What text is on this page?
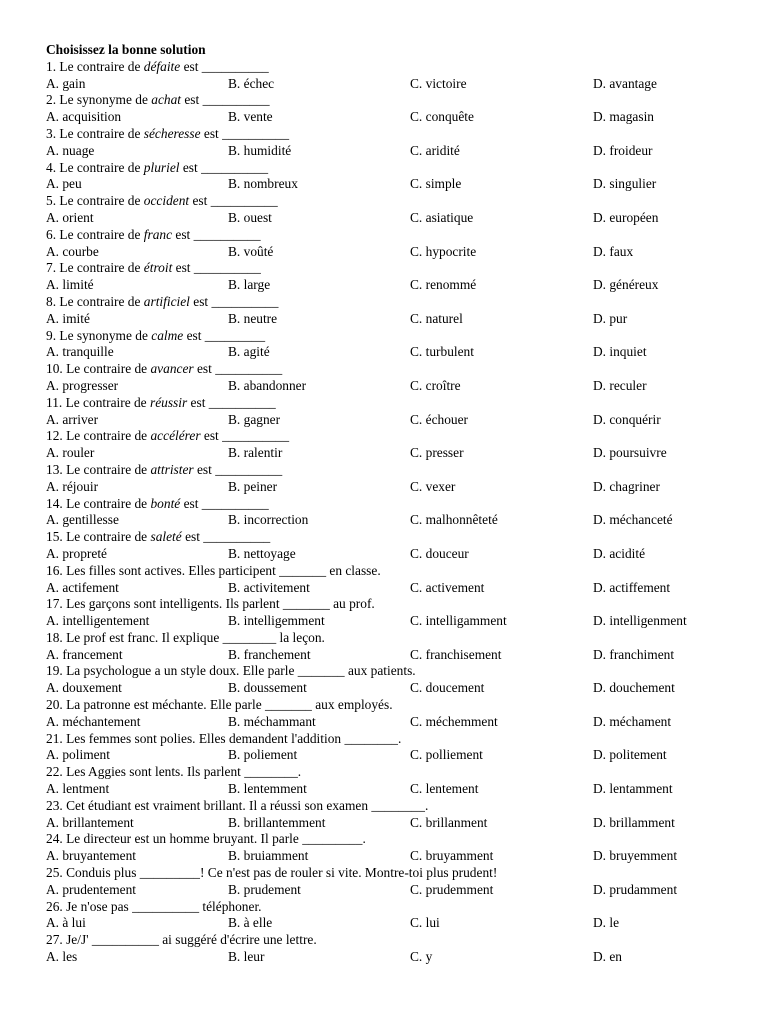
Choisissez la bonne solution
1. Le contraire de défaite est __________
A. gain	B. échec	C. victoire	D. avantage
2. Le synonyme de achat est __________
A. acquisition	B. vente	C. conquête	D. magasin
3. Le contraire de sécheresse est __________
A. nuage	B. humidité	C. aridité	D. froideur
4. Le contraire de pluriel est __________
A. peu	B. nombreux	C. simple	D. singulier
5. Le contraire de occident est __________
A. orient	B. ouest	C. asiatique	D. européen
6. Le contraire de franc est __________
A. courbe	B. voûté	C. hypocrite	D. faux
7. Le contraire de étroit est __________
A. limité	B. large	C. renommé	D. généreux
8. Le contraire de artificiel est __________
A. imité	B. neutre	C. naturel	D. pur
9. Le synonyme de calme est _________
A. tranquille	B. agité	C. turbulent	D. inquiet
10. Le contraire de avancer est __________
A. progresser	B. abandonner	C. croître	D. reculer
11. Le contraire de réussir est __________
A. arriver	B. gagner	C. échouer	D. conquérir
12. Le contraire de accélérer est __________
A. rouler	B. ralentir	C. presser	D. poursuivre
13. Le contraire de attrister est __________
A. réjouir	B. peiner	C. vexer	D. chagriner
14. Le contraire de bonté est __________
A. gentillesse	B. incorrection	C. malhonnêteté	D. méchanceté
15. Le contraire de saleté est __________
A. propreté	B. nettoyage	C. douceur	D. acidité
16. Les filles sont actives. Elles participent _______ en classe.
A. actifement	B. activitement	C. activement	D. actiffement
17. Les garçons sont intelligents. Ils parlent _______ au prof.
A. intelligentement	B. intelligemment	C. intelligamment	D. intelligenment
18. Le prof est franc. Il explique ________ la leçon.
A. francement	B. franchement	C. franchisement	D. franchiment
19. La psychologue a un style doux. Elle parle _______ aux patients.
A. douxement	B. doussement	C. doucement	D. douchement
20. La patronne est méchante. Elle parle _______ aux employés.
A. méchantement	B. méchammant	C. méchemment	D. méchament
21. Les femmes sont polies. Elles demandent l'addition ________.
A. poliment	B. poliement	C. polliement	D. politement
22. Les Aggies sont lents. Ils parlent ________.
A. lentment	B. lentemment	C. lentement	D. lentamment
23. Cet étudiant est vraiment brillant. Il a réussi son examen ________.
A. brillantement	B. brillantemment	C. brillanment	D. brillamment
24. Le directeur est un homme bruyant. Il parle _________.
A. bruyantement	B. bruiamment	C. bruyamment	D. bruyemment
25. Conduis plus _________! Ce n'est pas de rouler si vite. Montre-toi plus prudent!
A. prudentement	B. prudement	C. prudemment	D. prudamment
26. Je n'ose pas __________ téléphoner.
A. à lui	B. à elle	C. lui	D. le
27. Je/J' __________ ai suggéré d'écrire une lettre.
A. les	B. leur	C. y	D. en
